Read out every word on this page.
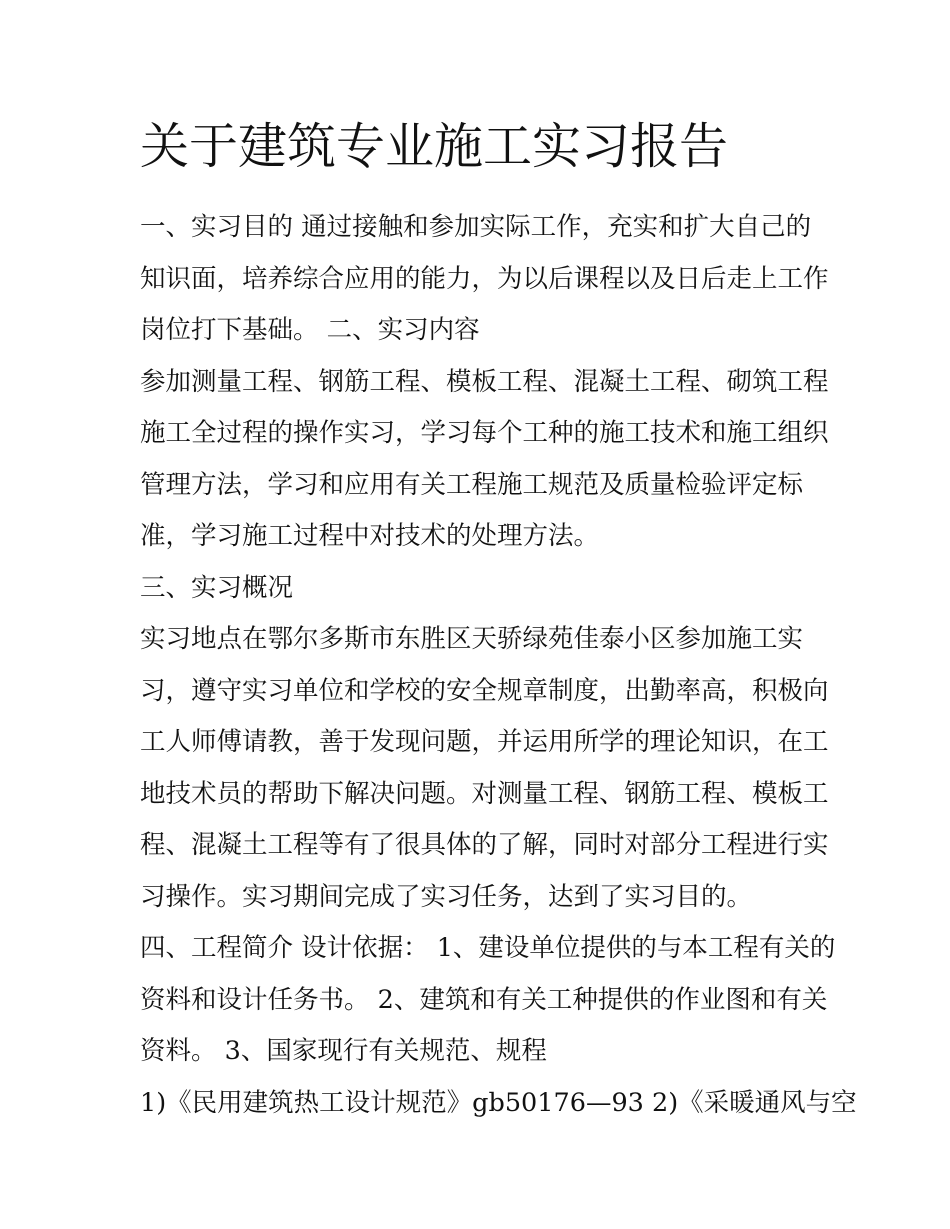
关于建筑专业施工实习报告
一、实习目的 通过接触和参加实际工作，充实和扩大自己的
知识面，培养综合应用的能力，为以后课程以及日后走上工作
岗位打下基础。 二、实习内容
参加测量工程、钢筋工程、模板工程、混凝土工程、砌筑工程
施工全过程的操作实习，学习每个工种的施工技术和施工组织
管理方法，学习和应用有关工程施工规范及质量检验评定标
准，学习施工过程中对技术的处理方法。
三、实习概况
实习地点在鄂尔多斯市东胜区天骄绿苑佳泰小区参加施工实
习，遵守实习单位和学校的安全规章制度，出勤率高，积极向
工人师傅请教，善于发现问题，并运用所学的理论知识，在工
地技术员的帮助下解决问题。对测量工程、钢筋工程、模板工
程、混凝土工程等有了很具体的了解，同时对部分工程进行实
习操作。实习期间完成了实习任务，达到了实习目的。
四、工程简介 设计依据： 1、建设单位提供的与本工程有关的
资料和设计任务书。 2、建筑和有关工种提供的作业图和有关
资料。 3、国家现行有关规范、规程
1)《民用建筑热工设计规范》gb50176—93 2)《采暖通风与空
